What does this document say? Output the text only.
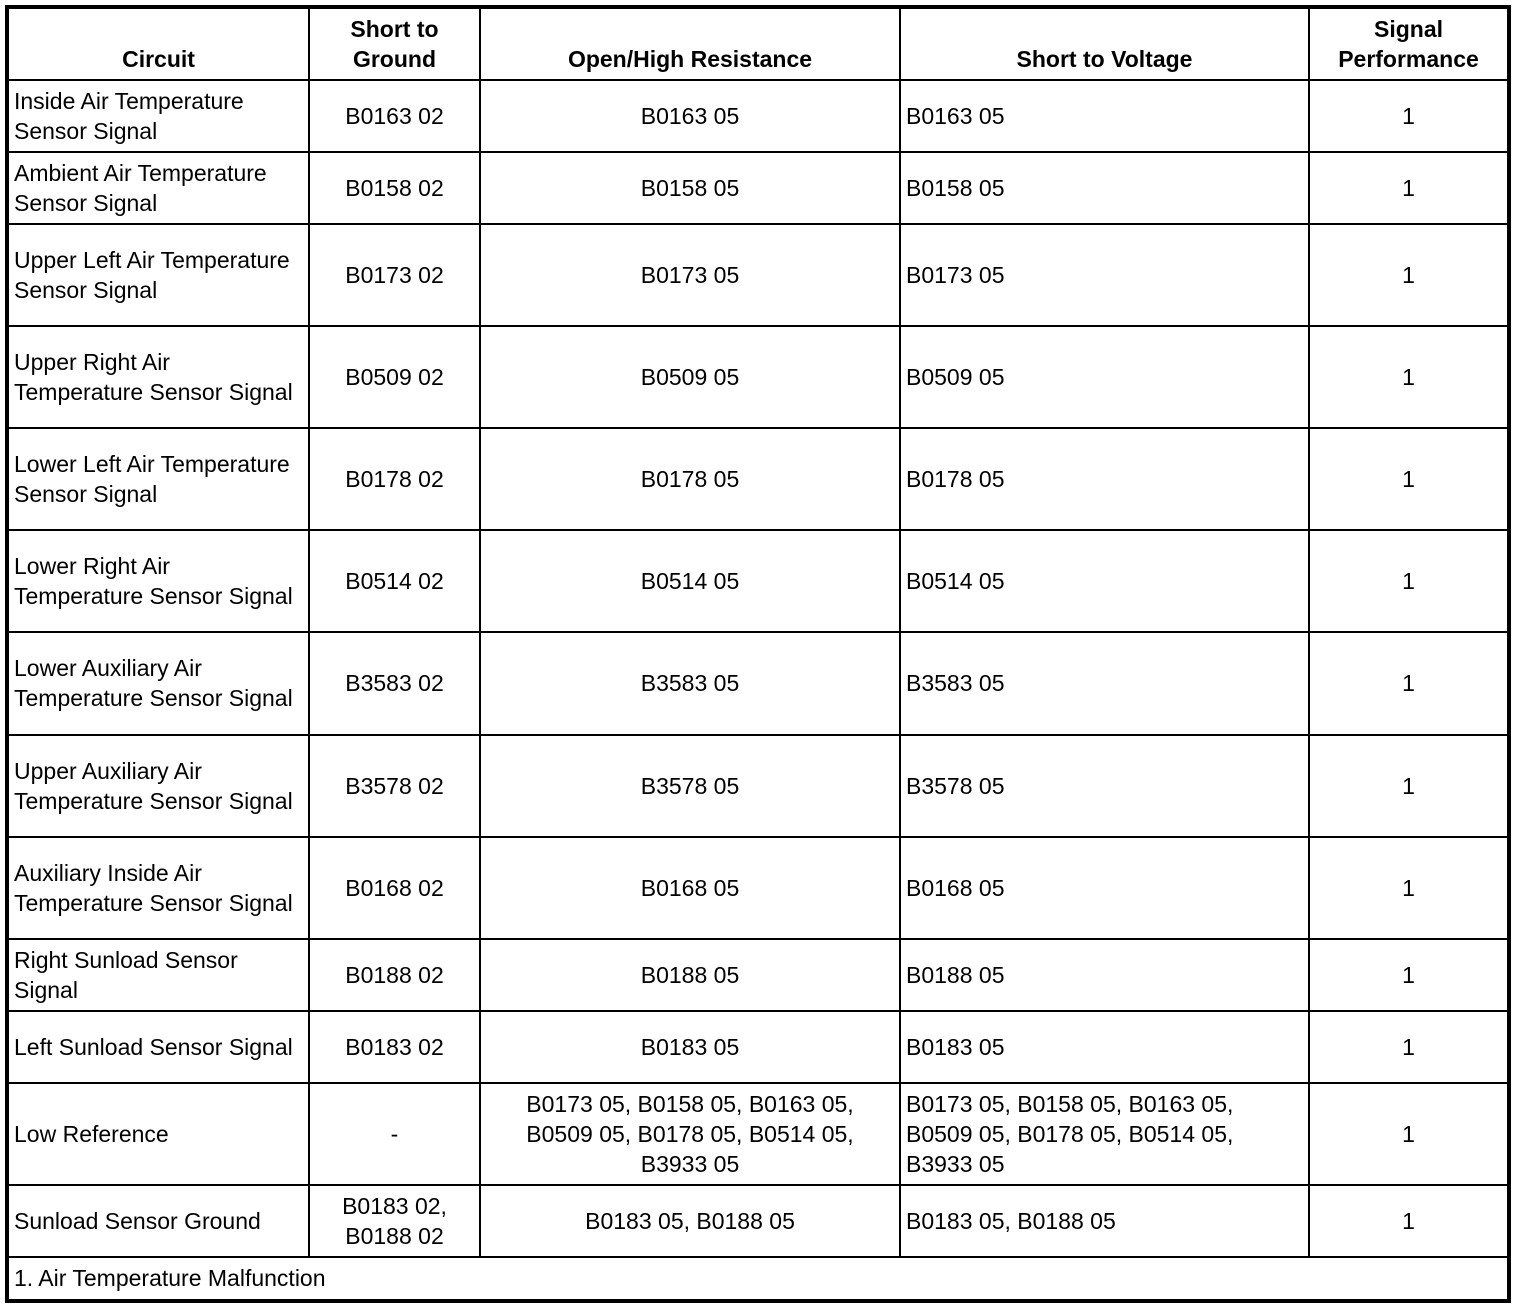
Circuit	Short to Ground	Open/High Resistance	Short to Voltage	Signal Performance
Inside Air Temperature Sensor Signal	B0163 02	B0163 05	B0163 05	1
Ambient Air Temperature Sensor Signal	B0158 02	B0158 05	B0158 05	1
Upper Left Air Temperature Sensor Signal	B0173 02	B0173 05	B0173 05	1
Upper Right Air Temperature Sensor Signal	B0509 02	B0509 05	B0509 05	1
Lower Left Air Temperature Sensor Signal	B0178 02	B0178 05	B0178 05	1
Lower Right Air Temperature Sensor Signal	B0514 02	B0514 05	B0514 05	1
Lower Auxiliary Air Temperature Sensor Signal	B3583 02	B3583 05	B3583 05	1
Upper Auxiliary Air Temperature Sensor Signal	B3578 02	B3578 05	B3578 05	1
Auxiliary Inside Air Temperature Sensor Signal	B0168 02	B0168 05	B0168 05	1
Right Sunload Sensor Signal	B0188 02	B0188 05	B0188 05	1
Left Sunload Sensor Signal	B0183 02	B0183 05	B0183 05	1
Low Reference	-	B0173 05, B0158 05, B0163 05, B0509 05, B0178 05, B0514 05, B3933 05	B0173 05, B0158 05, B0163 05, B0509 05, B0178 05, B0514 05, B3933 05	1
Sunload Sensor Ground	B0183 02, B0188 02	B0183 05, B0188 05	B0183 05, B0188 05	1
1. Air Temperature Malfunction				
